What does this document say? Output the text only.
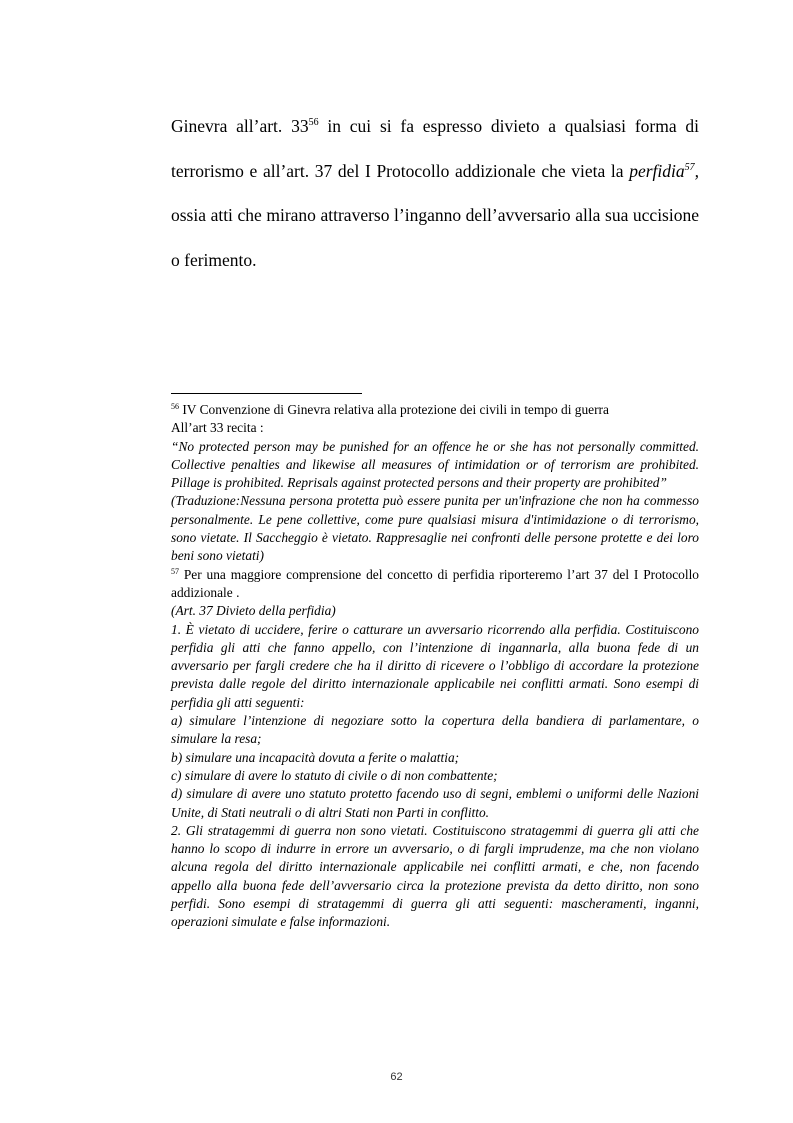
Ginevra all’art. $33^{56}$ in cui si fa espresso divieto a qualsiasi forma di terrorismo e all’art. 37 del I Protocollo addizionale che vieta la perfidia$^{57}$, ossia atti che mirano attraverso l’inganno dell’avversario alla sua uccisione o ferimento.

$^{56}$ IV Convenzione di Ginevra relativa alla protezione dei civili in tempo di guerra

All’art 33 recita :

“No protected person may be punished for an offence he or she has not personally committed. Collective penalties and likewise all measures of intimidation or of terrorism are prohibited. Pillage is prohibited. Reprisals against protected persons and their property are prohibited”

(Traduzione:Nessuna persona protetta può essere punita per un'infrazione che non ha commesso personalmente. Le pene collettive, come pure qualsiasi misura d'intimidazione o di terrorismo, sono vietate. Il Saccheggio è vietato. Rappresaglie nei confronti delle persone protette e dei loro beni sono vietati)

$^{57}$ Per una maggiore comprensione del concetto di perfidia riporteremo l’art 37 del I Protocollo addizionale .

(Art. 37 Divieto della perfidia)

1. È vietato di uccidere, ferire o catturare un avversario ricorrendo alla perfidia. Costituiscono perfidia gli atti che fanno appello, con l’intenzione di ingannarla, alla buona fede di un avversario per fargli credere che ha il diritto di ricevere o l’obbligo di accordare la protezione prevista dalle regole del diritto internazionale applicabile nei conflitti armati. Sono esempi di perfidia gli atti seguenti:

a) simulare l’intenzione di negoziare sotto la copertura della bandiera di parlamentare, o simulare la resa;

b) simulare una incapacità dovuta a ferite o malattia;

c) simulare di avere lo statuto di civile o di non combattente;

d) simulare di avere uno statuto protetto facendo uso di segni, emblemi o uniformi delle Nazioni Unite, di Stati neutrali o di altri Stati non Parti in conflitto.

2. Gli stratagemmi di guerra non sono vietati. Costituiscono stratagemmi di guerra gli atti che hanno lo scopo di indurre in errore un avversario, o di fargli imprudenze, ma che non violano alcuna regola del diritto internazionale applicabile nei conflitti armati, e che, non facendo appello alla buona fede dell’avversario circa la protezione prevista da detto diritto, non sono perfidi. Sono esempi di stratagemmi di guerra gli atti seguenti: mascheramenti, inganni, operazioni simulate e false informazioni.

62
